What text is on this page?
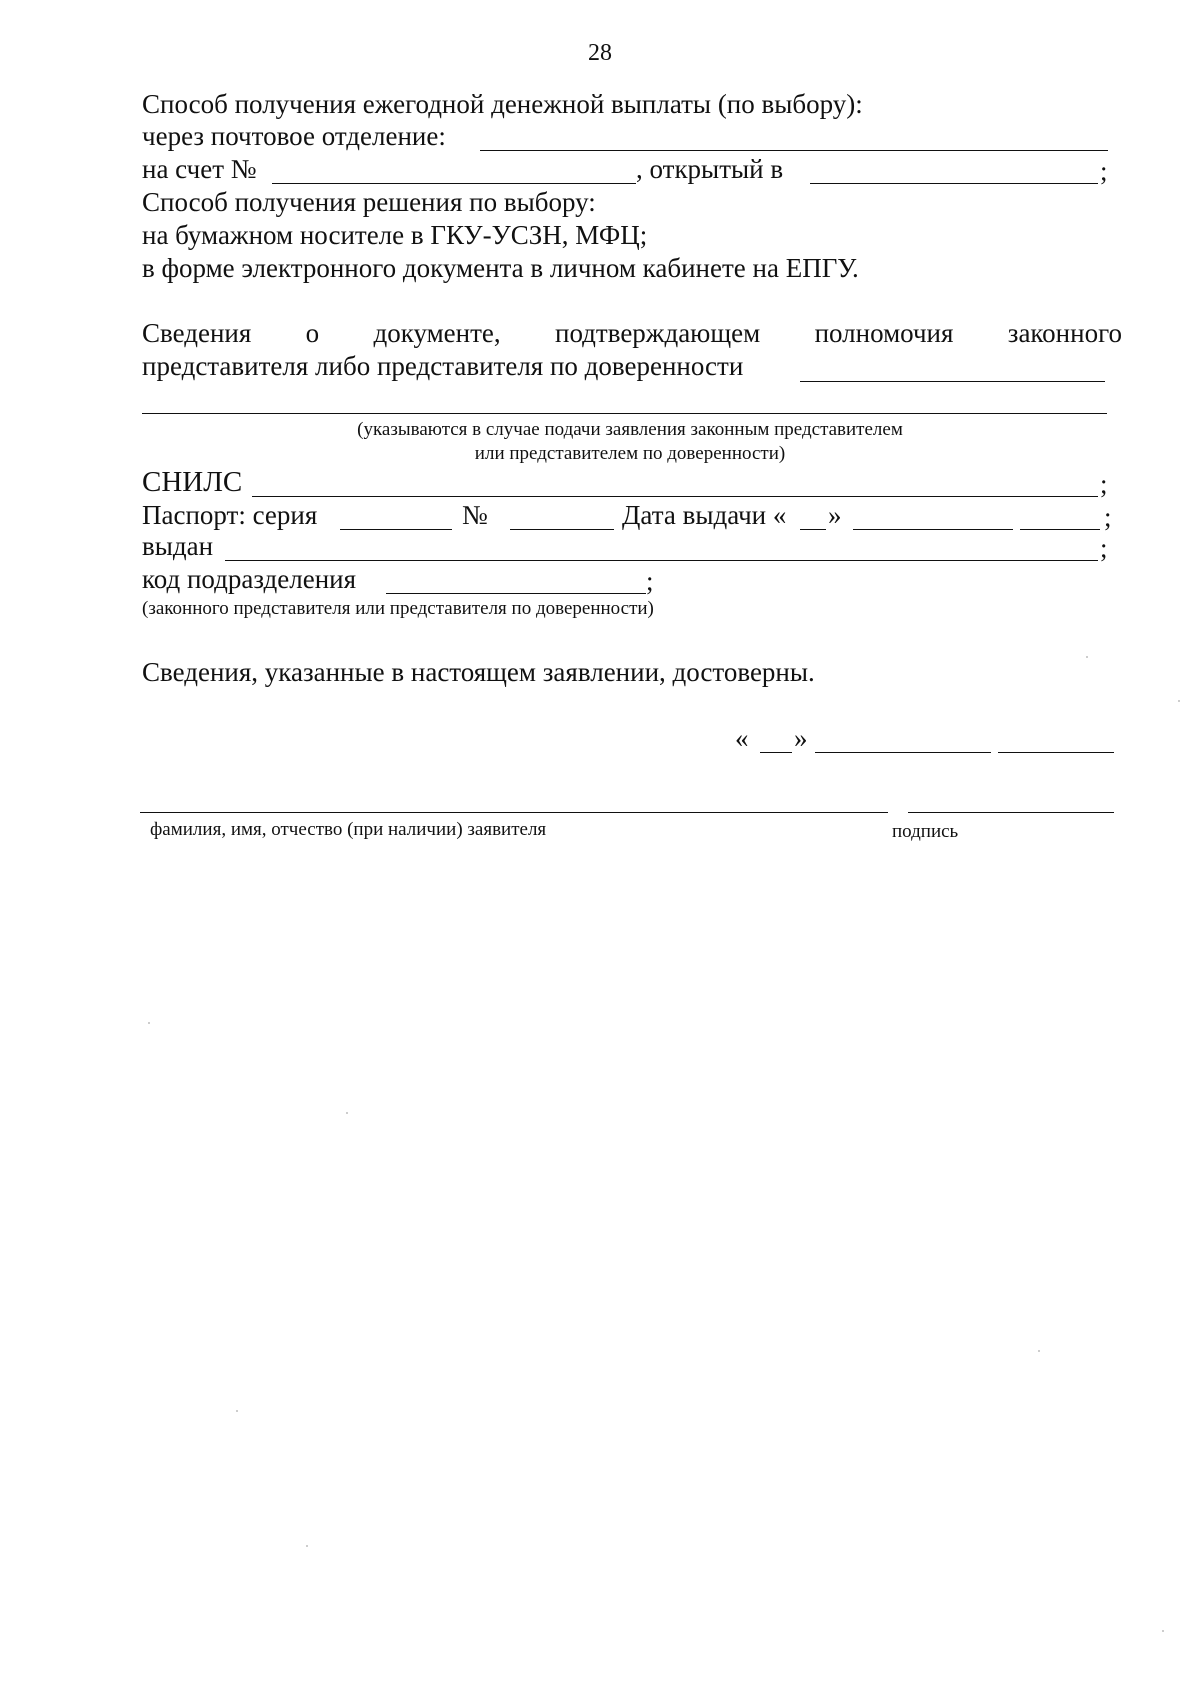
28
Способ получения ежегодной денежной выплаты (по выбору):
через почтовое отделение:
на счет №	, открытый в	;
Способ получения решения по выбору:
на бумажном носителе в ГКУ-УСЗН, МФЦ;
в форме электронного документа в личном кабинете на ЕПГУ.
Сведения о документе, подтверждающем полномочия законного
представителя либо представителя по доверенности
(указываются в случае подачи заявления законным представителем
или представителем по доверенности)
СНИЛС	;
Паспорт: серия	№	Дата выдачи « »	;
выдан	;
код подразделения	;
(законного представителя или представителя по доверенности)
Сведения, указанные в настоящем заявлении, достоверны.
« »
фамилия, имя, отчество (при наличии) заявителя	подпись
